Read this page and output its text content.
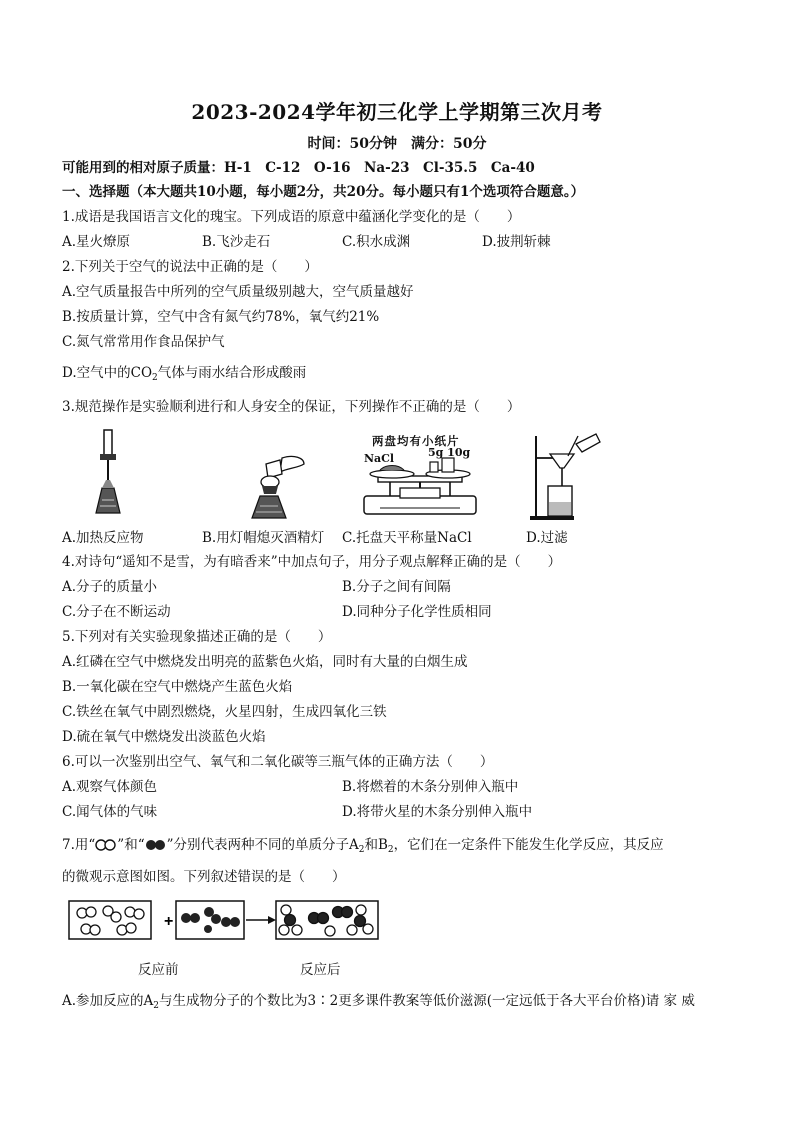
2023-2024学年初三化学上学期第三次月考
时间：50分钟　满分：50分
可能用到的相对原子质量：H-1　C-12　O-16　Na-23　Cl-35.5　Ca-40
一、选择题（本大题共10小题，每小题2分，共20分。每小题只有1个选项符合题意。）
1.成语是我国语言文化的瑰宝。下列成语的原意中蕴涵化学变化的是（　　）
A.星火燎原	B.飞沙走石	C.积水成渊	D.披荆斩棘
2.下列关于空气的说法中正确的是（　　）
A.空气质量报告中所列的空气质量级别越大，空气质量越好
B.按质量计算，空气中含有氮气约78%，氧气约21%
C.氮气常常用作食品保护气
D.空气中的$CO_2$气体与雨水结合形成酸雨
3.规范操作是实验顺利进行和人身安全的保证，下列操作不正确的是（　　）
两盘均有小纸片
NaCl	5g 10g
A.加热反应物	B.用灯帽熄灭酒精灯 C.托盘天平称量NaCl	D.过滤
4.对诗句“遥知不是雪，为有暗香来”中加点句子，用分子观点解释正确的是（　　）
A.分子的质量小	B.分子之间有间隔
C.分子在不断运动	D.同种分子化学性质相同
5.下列对有关实验现象描述正确的是（　　）
A.红磷在空气中燃烧发出明亮的蓝紫色火焰，同时有大量的白烟生成
B.一氧化碳在空气中燃烧产生蓝色火焰
C.铁丝在氧气中剧烈燃烧，火星四射，生成四氧化三铁
D.硫在氧气中燃烧发出淡蓝色火焰
6.可以一次鉴别出空气、氧气和二氧化碳等三瓶气体的正确方法（　　）
A.观察气体颜色	B.将燃着的木条分别伸入瓶中
C.闻气体的气味	D.将带火星的木条分别伸入瓶中
7.用“ ”和“ ”分别代表两种不同的单质分子$A_2$和$B_2$，它们在一定条件下能发生化学反应，其反应
的微观示意图如图。下列叙述错误的是（　　）
+
反应前	反应后
A.参加反应的$A_2$与生成物分子的个数比为3∶2更多课件教案等低价滋源(一定远低于各大平台价格)请 家 威
